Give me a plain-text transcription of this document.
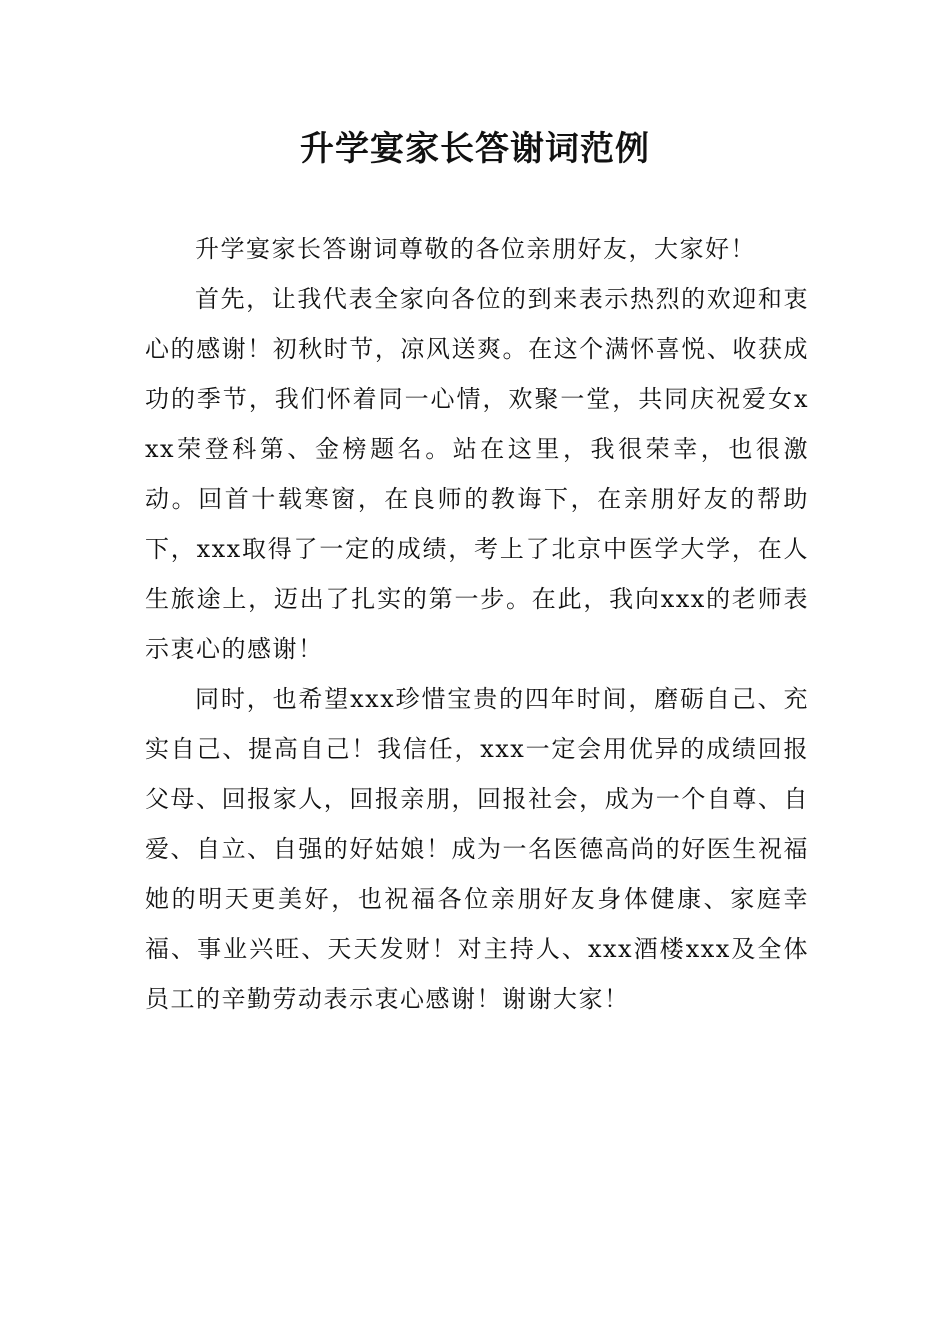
升学宴家长答谢词范例

升学宴家长答谢词尊敬的各位亲朋好友，大家好！

首先，让我代表全家向各位的到来表示热烈的欢迎和衷心的感谢！初秋时节，凉风送爽。在这个满怀喜悦、收获成功的季节，我们怀着同一心情，欢聚一堂，共同庆祝爱女xxx荣登科第、金榜题名。站在这里，我很荣幸，也很激动。回首十载寒窗，在良师的教诲下，在亲朋好友的帮助下，xxx取得了一定的成绩，考上了北京中医学大学，在人生旅途上，迈出了扎实的第一步。在此，我向xxx的老师表示衷心的感谢！

同时，也希望xxx珍惜宝贵的四年时间，磨砺自己、充实自己、提高自己！我信任，xxx一定会用优异的成绩回报父母、回报家人，回报亲朋，回报社会，成为一个自尊、自爱、自立、自强的好姑娘！成为一名医德高尚的好医生祝福她的明天更美好，也祝福各位亲朋好友身体健康、家庭幸福、事业兴旺、天天发财！对主持人、xxx酒楼xxx及全体员工的辛勤劳动表示衷心感谢！谢谢大家！
